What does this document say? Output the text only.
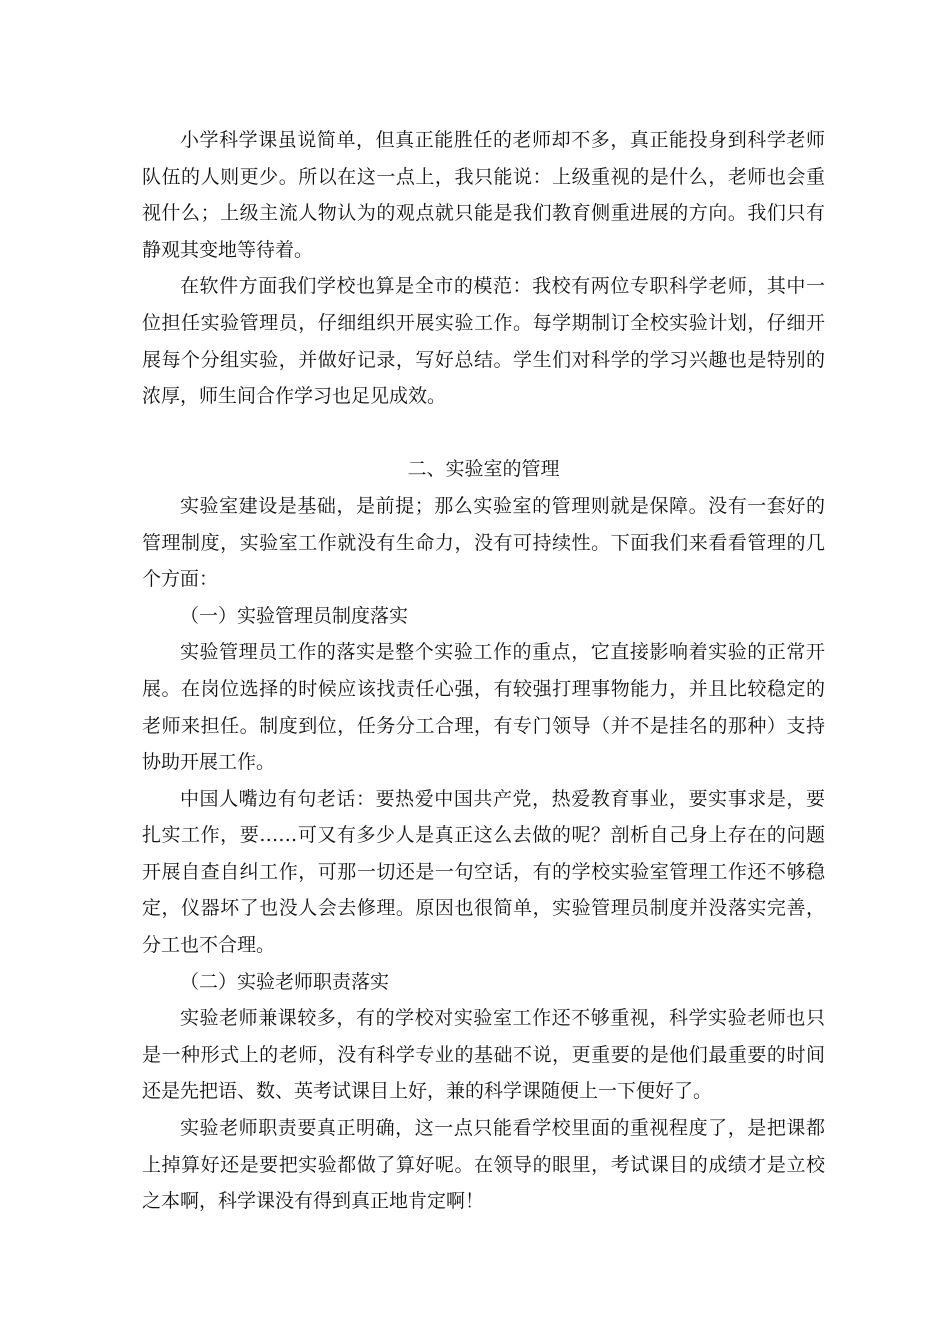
小学科学课虽说简单，但真正能胜任的老师却不多，真正能投身到科学老师队伍的人则更少。所以在这一点上，我只能说：上级重视的是什么，老师也会重视什么；上级主流人物认为的观点就只能是我们教育侧重进展的方向。我们只有静观其变地等待着。

在软件方面我们学校也算是全市的模范：我校有两位专职科学老师，其中一位担任实验管理员，仔细组织开展实验工作。每学期制订全校实验计划，仔细开展每个分组实验，并做好记录，写好总结。学生们对科学的学习兴趣也是特别的浓厚，师生间合作学习也足见成效。

二、实验室的管理

实验室建设是基础，是前提；那么实验室的管理则就是保障。没有一套好的管理制度，实验室工作就没有生命力，没有可持续性。下面我们来看看管理的几个方面：

（一）实验管理员制度落实

实验管理员工作的落实是整个实验工作的重点，它直接影响着实验的正常开展。在岗位选择的时候应该找责任心强，有较强打理事物能力，并且比较稳定的老师来担任。制度到位，任务分工合理，有专门领导（并不是挂名的那种）支持协助开展工作。

中国人嘴边有句老话：要热爱中国共产党，热爱教育事业，要实事求是，要扎实工作，要……可又有多少人是真正这么去做的呢？剖析自己身上存在的问题开展自查自纠工作，可那一切还是一句空话，有的学校实验室管理工作还不够稳定，仪器坏了也没人会去修理。原因也很简单，实验管理员制度并没落实完善，分工也不合理。

（二）实验老师职责落实

实验老师兼课较多，有的学校对实验室工作还不够重视，科学实验老师也只是一种形式上的老师，没有科学专业的基础不说，更重要的是他们最重要的时间还是先把语、数、英考试课目上好，兼的科学课随便上一下便好了。

实验老师职责要真正明确，这一点只能看学校里面的重视程度了，是把课都上掉算好还是要把实验都做了算好呢。在领导的眼里，考试课目的成绩才是立校之本啊，科学课没有得到真正地肯定啊！
